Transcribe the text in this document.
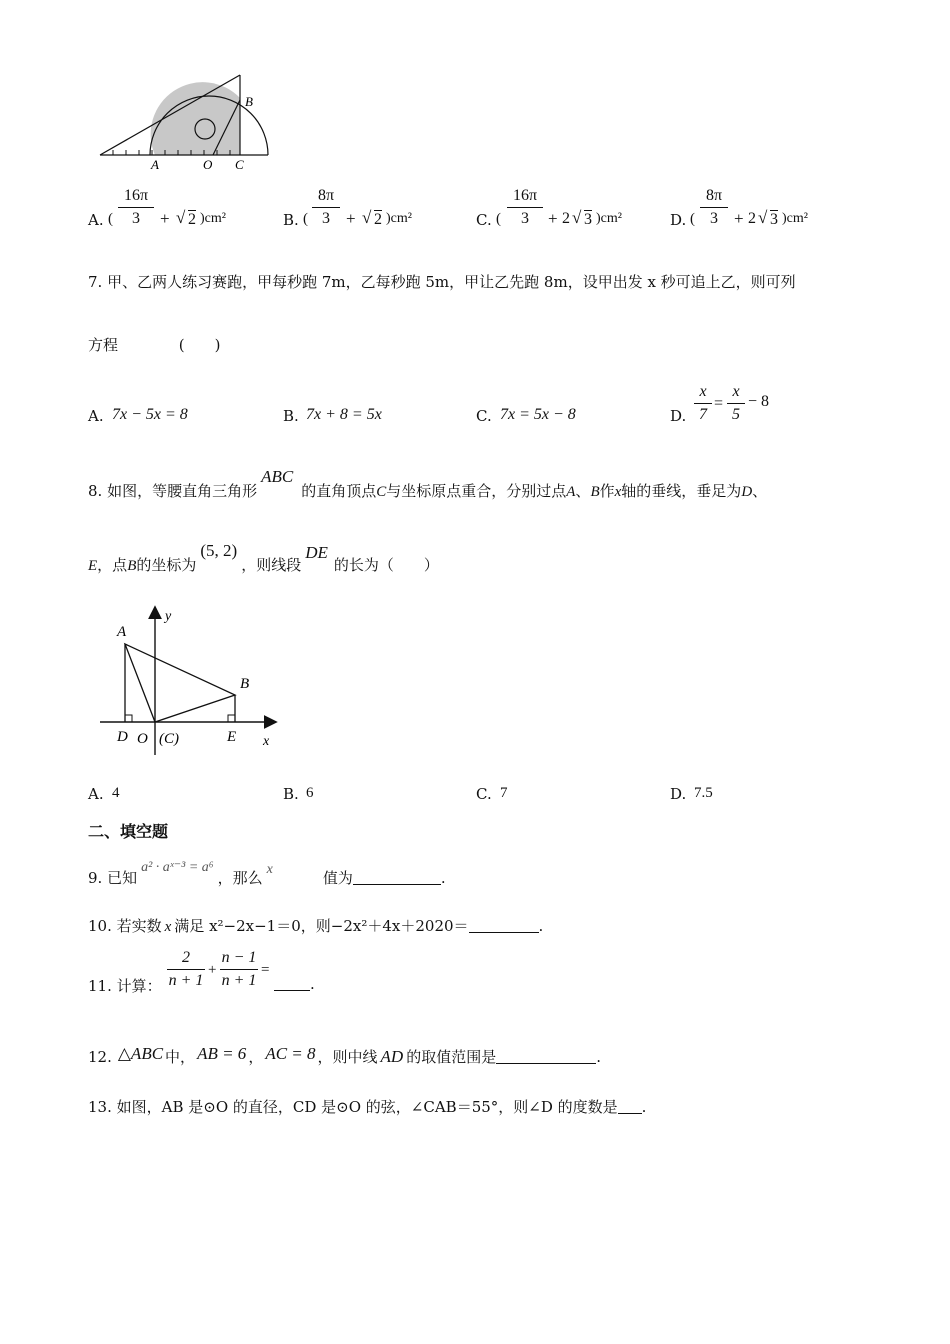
B
A	O C
A. (
16π
3	+ √ 2 )cm²	B. (
8π
3 + √ 2 )cm²	C. (
16π
3	+ 2 √ 3 )cm²	D. (
8π
3 + 2 √ 3 )cm²
7. 甲、乙两人练习赛跑，甲每秒跑 7m，乙每秒跑 5m，甲让乙先跑 8m，设甲出发 x 秒可追上乙，则可列
方程	(　　)
A. 7x − 5x = 8	B. 7x + 8 = 5x	C. 7x = 5x − 8	D.
x
7
=
x
5
− 8
8. 如图，等腰直角三角形ABC的直角顶点C与坐标原点重合，分别过点A、B作x轴的垂线，垂足为D、
E，点B的坐标为(5, 2)，则线段DE的长为（　　）
A
B
y
D O (C)	E x
A. 4	B. 6	C. 7	D. 7.5
二、填空题
9. 已知a² · aˣ⁻³ = a⁶，那么 x	值为	.
10. 若实数 x 满足 x²−2x−1＝0，则−2x²＋4x＋2020＝	.
11. 计算：
2
n + 1
+
n − 1
n + 1
=
.
12. △ABC 中， AB = 6 ， AC = 8 ，则中线 AD 的取值范围是	.
13. 如图，AB 是⊙O 的直径，CD 是⊙O 的弦，∠CAB＝55°，则∠D 的度数是 .
